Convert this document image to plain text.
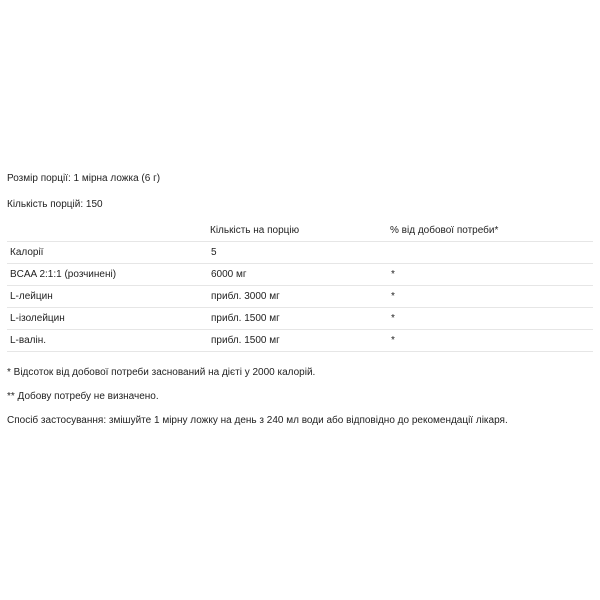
Розмір порції: 1 мірна ложка (6 г)

Кількість порцій: 150

	Кількість на порцію	% від добової потреби*
Калорії	5	
BCAA 2:1:1 (розчинені)	6000 мг	*
L-лейцин	прибл. 3000 мг	*
L-ізолейцин	прибл. 1500 мг	*
L-валін.	прибл. 1500 мг	*

* Відсоток від добової потреби заснований на дієті у 2000 калорій.

** Добову потребу не визначено.

Спосіб застосування: змішуйте 1 мірну ложку на день з 240 мл води або відповідно до рекомендації лікаря.
